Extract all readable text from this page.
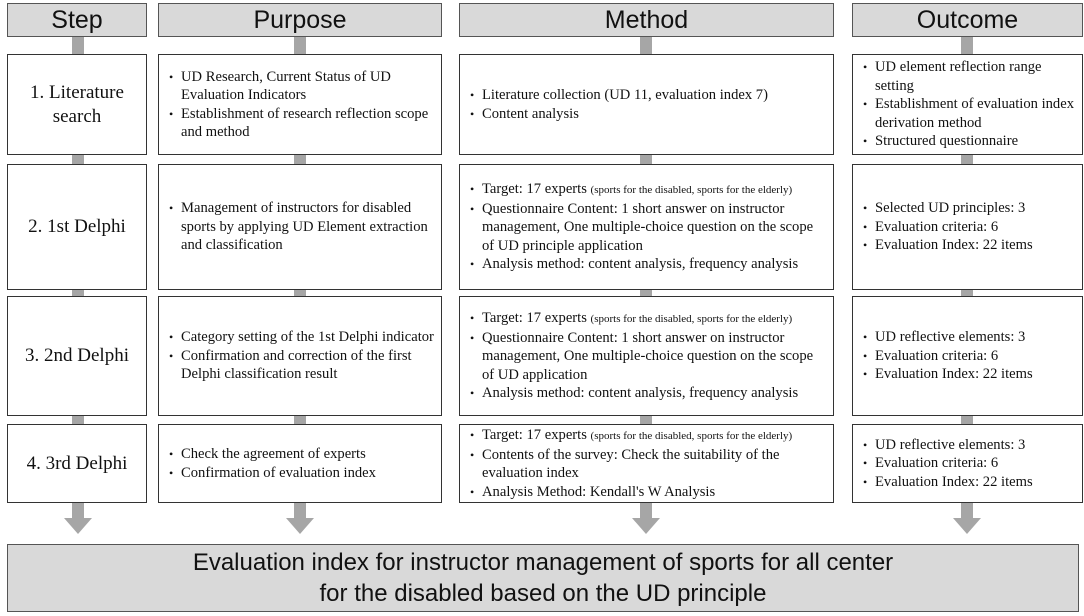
Step	Purpose	Method	Outcome
1. Literature
search
• UD Research, Current Status of UD Evaluation Indicators
• Establishment of research reflection scope and method
• Literature collection (UD 11, evaluation index 7)
• Content analysis
• UD element reflection range setting
• Establishment of evaluation index derivation method
• Structured questionnaire
2. 1st Delphi
• Management of instructors for disabled sports by applying UD Element extraction and classification
• Target: 17 experts (sports for the disabled, sports for the elderly)
• Questionnaire Content: 1 short answer on instructor management, One multiple-choice question on the scope of UD principle application
• Analysis method: content analysis, frequency analysis
• Selected UD principles: 3
• Evaluation criteria: 6
• Evaluation Index: 22 items
3. 2nd Delphi
• Category setting of the 1st Delphi indicator
• Confirmation and correction of the first Delphi classification result
• Target: 17 experts (sports for the disabled, sports for the elderly)
• Questionnaire Content: 1 short answer on instructor management, One multiple-choice question on the scope of UD application
• Analysis method: content analysis, frequency analysis
• UD reflective elements: 3
• Evaluation criteria: 6
• Evaluation Index: 22 items
4. 3rd Delphi
•	Check the agreement of experts
• Confirmation of evaluation index
• Target: 17 experts (sports for the disabled, sports for the elderly)
• Contents of the survey: Check the suitability of the evaluation index
• Analysis Method: Kendall's W Analysis
• UD reflective elements: 3
• Evaluation criteria: 6
• Evaluation Index: 22 items
Evaluation index for instructor management of sports for all center
for the disabled based on the UD principle
